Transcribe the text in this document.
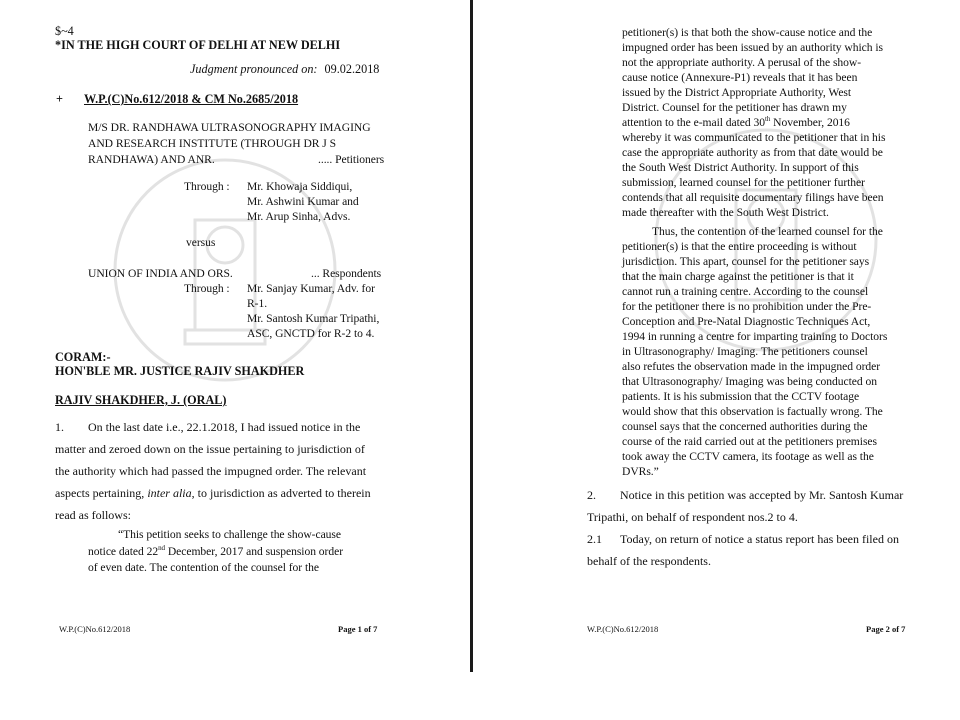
$~4
*IN THE HIGH COURT OF DELHI AT NEW DELHI
Judgment pronounced on: 09.02.2018
+ W.P.(C)No.612/2018 & CM No.2685/2018
M/S DR. RANDHAWA ULTRASONOGRAPHY IMAGING
AND RESEARCH INSTITUTE (THROUGH DR J S
RANDHAWA) AND ANR.	..... Petitioners
Through : Mr. Khowaja Siddiqui,
Mr. Ashwini Kumar and
Mr. Arup Sinha, Advs.
versus
UNION OF INDIA AND ORS.	... Respondents
Through : Mr. Sanjay Kumar, Adv. for
R-1.
Mr. Santosh Kumar Tripathi,
ASC, GNCTD for R-2 to 4.
CORAM:-
HON'BLE MR. JUSTICE RAJIV SHAKDHER
RAJIV SHAKDHER, J. (ORAL)
1. On the last date i.e., 22.1.2018, I had issued notice in the
matter and zeroed down on the issue pertaining to jurisdiction of
the authority which had passed the impugned order. The relevant
aspects pertaining, inter alia, to jurisdiction as adverted to therein
read as follows:
“This petition seeks to challenge the show-cause
notice dated 22nd December, 2017 and suspension order
of even date. The contention of the counsel for the
W.P.(C)No.612/2018	Page 1 of 7
petitioner(s) is that both the show-cause notice and the
impugned order has been issued by an authority which is
not the appropriate authority. A perusal of the show-
cause notice (Annexure-P1) reveals that it has been
issued by the District Appropriate Authority, West
District. Counsel for the petitioner has drawn my
attention to the e-mail dated 30th November, 2016
whereby it was communicated to the petitioner that in his
case the appropriate authority as from that date would be
the South West District Authority. In support of this
submission, learned counsel for the petitioner further
contends that all requisite documentary filings have been
made thereafter with the South West District.
Thus, the contention of the learned counsel for the
petitioner(s) is that the entire proceeding is without
jurisdiction. This apart, counsel for the petitioner says
that the main charge against the petitioner is that it
cannot run a training centre. According to the counsel
for the petitioner there is no prohibition under the Pre-
Conception and Pre-Natal Diagnostic Techniques Act,
1994 in running a centre for imparting training to Doctors
in Ultrasonography/ Imaging. The petitioners counsel
also refutes the observation made in the impugned order
that Ultrasonography/ Imaging was being conducted on
patients. It is his submission that the CCTV footage
would show that this observation is factually wrong. The
counsel says that the concerned authorities during the
course of the raid carried out at the petitioners premises
took away the CCTV camera, its footage as well as the
DVRs.”
2. Notice in this petition was accepted by Mr. Santosh Kumar
Tripathi, on behalf of respondent nos.2 to 4.
2.1 Today, on return of notice a status report has been filed on
behalf of the respondents.
W.P.(C)No.612/2018	Page 2 of 7
